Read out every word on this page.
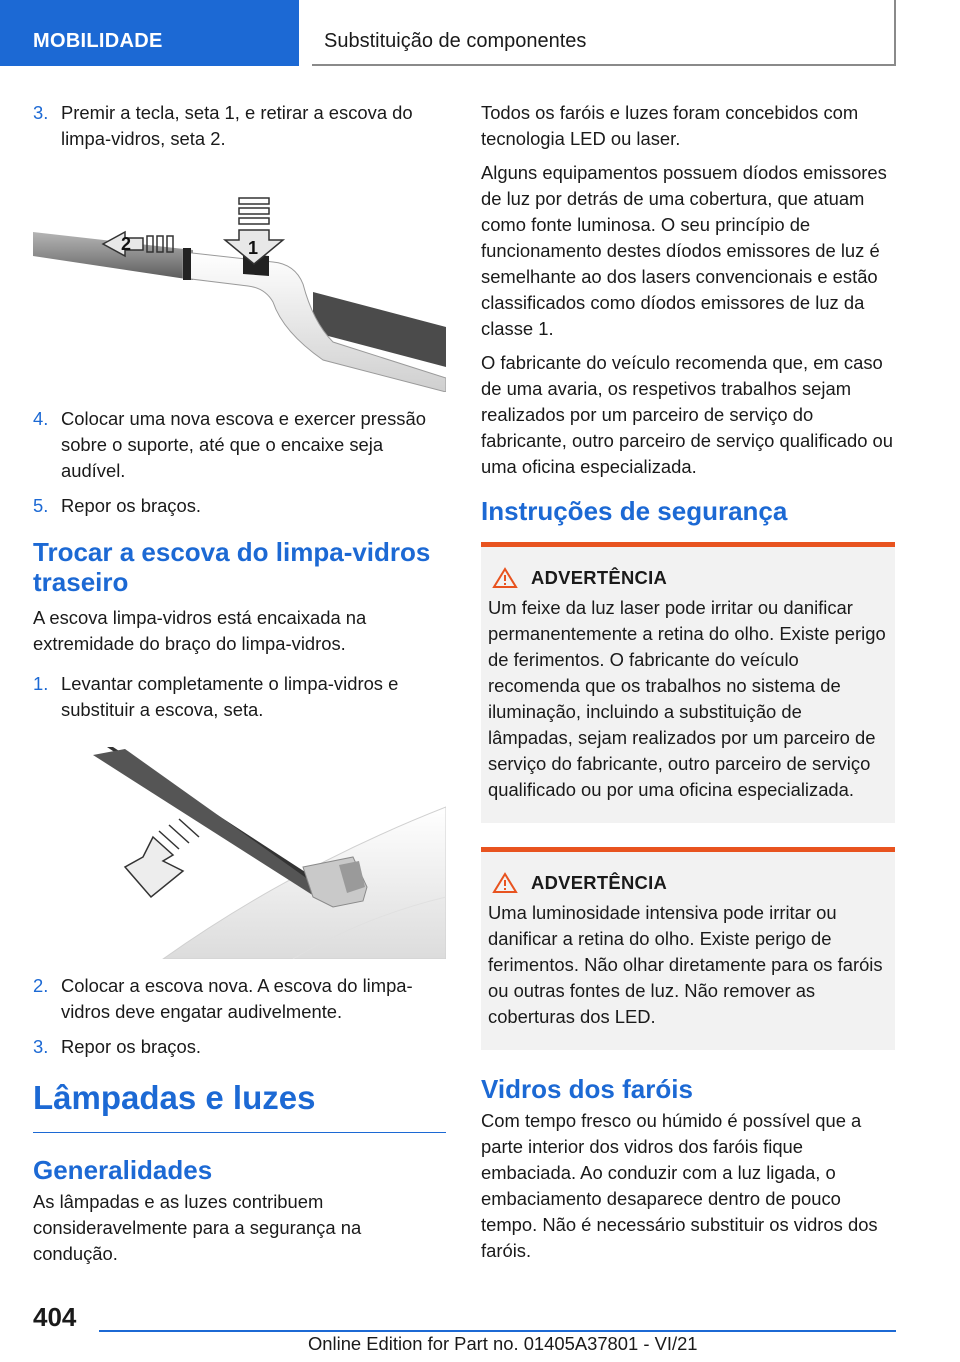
MOBILIDADE	Substituição de componentes
3. Premir a tecla, seta 1, e retirar a escova do limpa-vidros, seta 2.
1
2
4. Colocar uma nova escova e exercer pressão sobre o suporte, até que o encaixe seja audível.
5. Repor os braços.
Trocar a escova do limpa-vidros traseiro

A escova limpa-vidros está encaixada na extremidade do braço do limpa-vidros.

1. Levantar completamente o limpa-vidros e substituir a escova, seta.
2. Colocar a escova nova. A escova do limpa-vidros deve engatar audivelmente.
3. Repor os braços.
Lâmpadas e luzes
Generalidades

As lâmpadas e as luzes contribuem consideravelmente para a segurança na condução.

Todos os faróis e luzes foram concebidos com tecnologia LED ou laser.

Alguns equipamentos possuem díodos emissores de luz por detrás de uma cobertura, que atuam como fonte luminosa. O seu princípio de funcionamento destes díodos emissores de luz é semelhante ao dos lasers convencionais e estão classificados como díodos emissores de luz da classe 1.

O fabricante do veículo recomenda que, em caso de uma avaria, os respetivos trabalhos sejam realizados por um parceiro de serviço do fabricante, outro parceiro de serviço qualificado ou uma oficina especializada.

Instruções de segurança
ADVERTÊNCIA

Um feixe da luz laser pode irritar ou danificar permanentemente a retina do olho. Existe perigo de ferimentos. O fabricante do veículo recomenda que os trabalhos no sistema de iluminação, incluindo a substituição de lâmpadas, sejam realizados por um parceiro de serviço do fabricante, outro parceiro de serviço qualificado ou por uma oficina especializada.

ADVERTÊNCIA

Uma luminosidade intensiva pode irritar ou danificar a retina do olho. Existe perigo de ferimentos. Não olhar diretamente para os faróis ou outras fontes de luz. Não remover as coberturas dos LED.

Vidros dos faróis

Com tempo fresco ou húmido é possível que a parte interior dos vidros dos faróis fique embaciada. Ao conduzir com a luz ligada, o embaciamento desaparece dentro de pouco tempo. Não é necessário substituir os vidros dos faróis.

404
Online Edition for Part no. 01405A37801 - VI/21
